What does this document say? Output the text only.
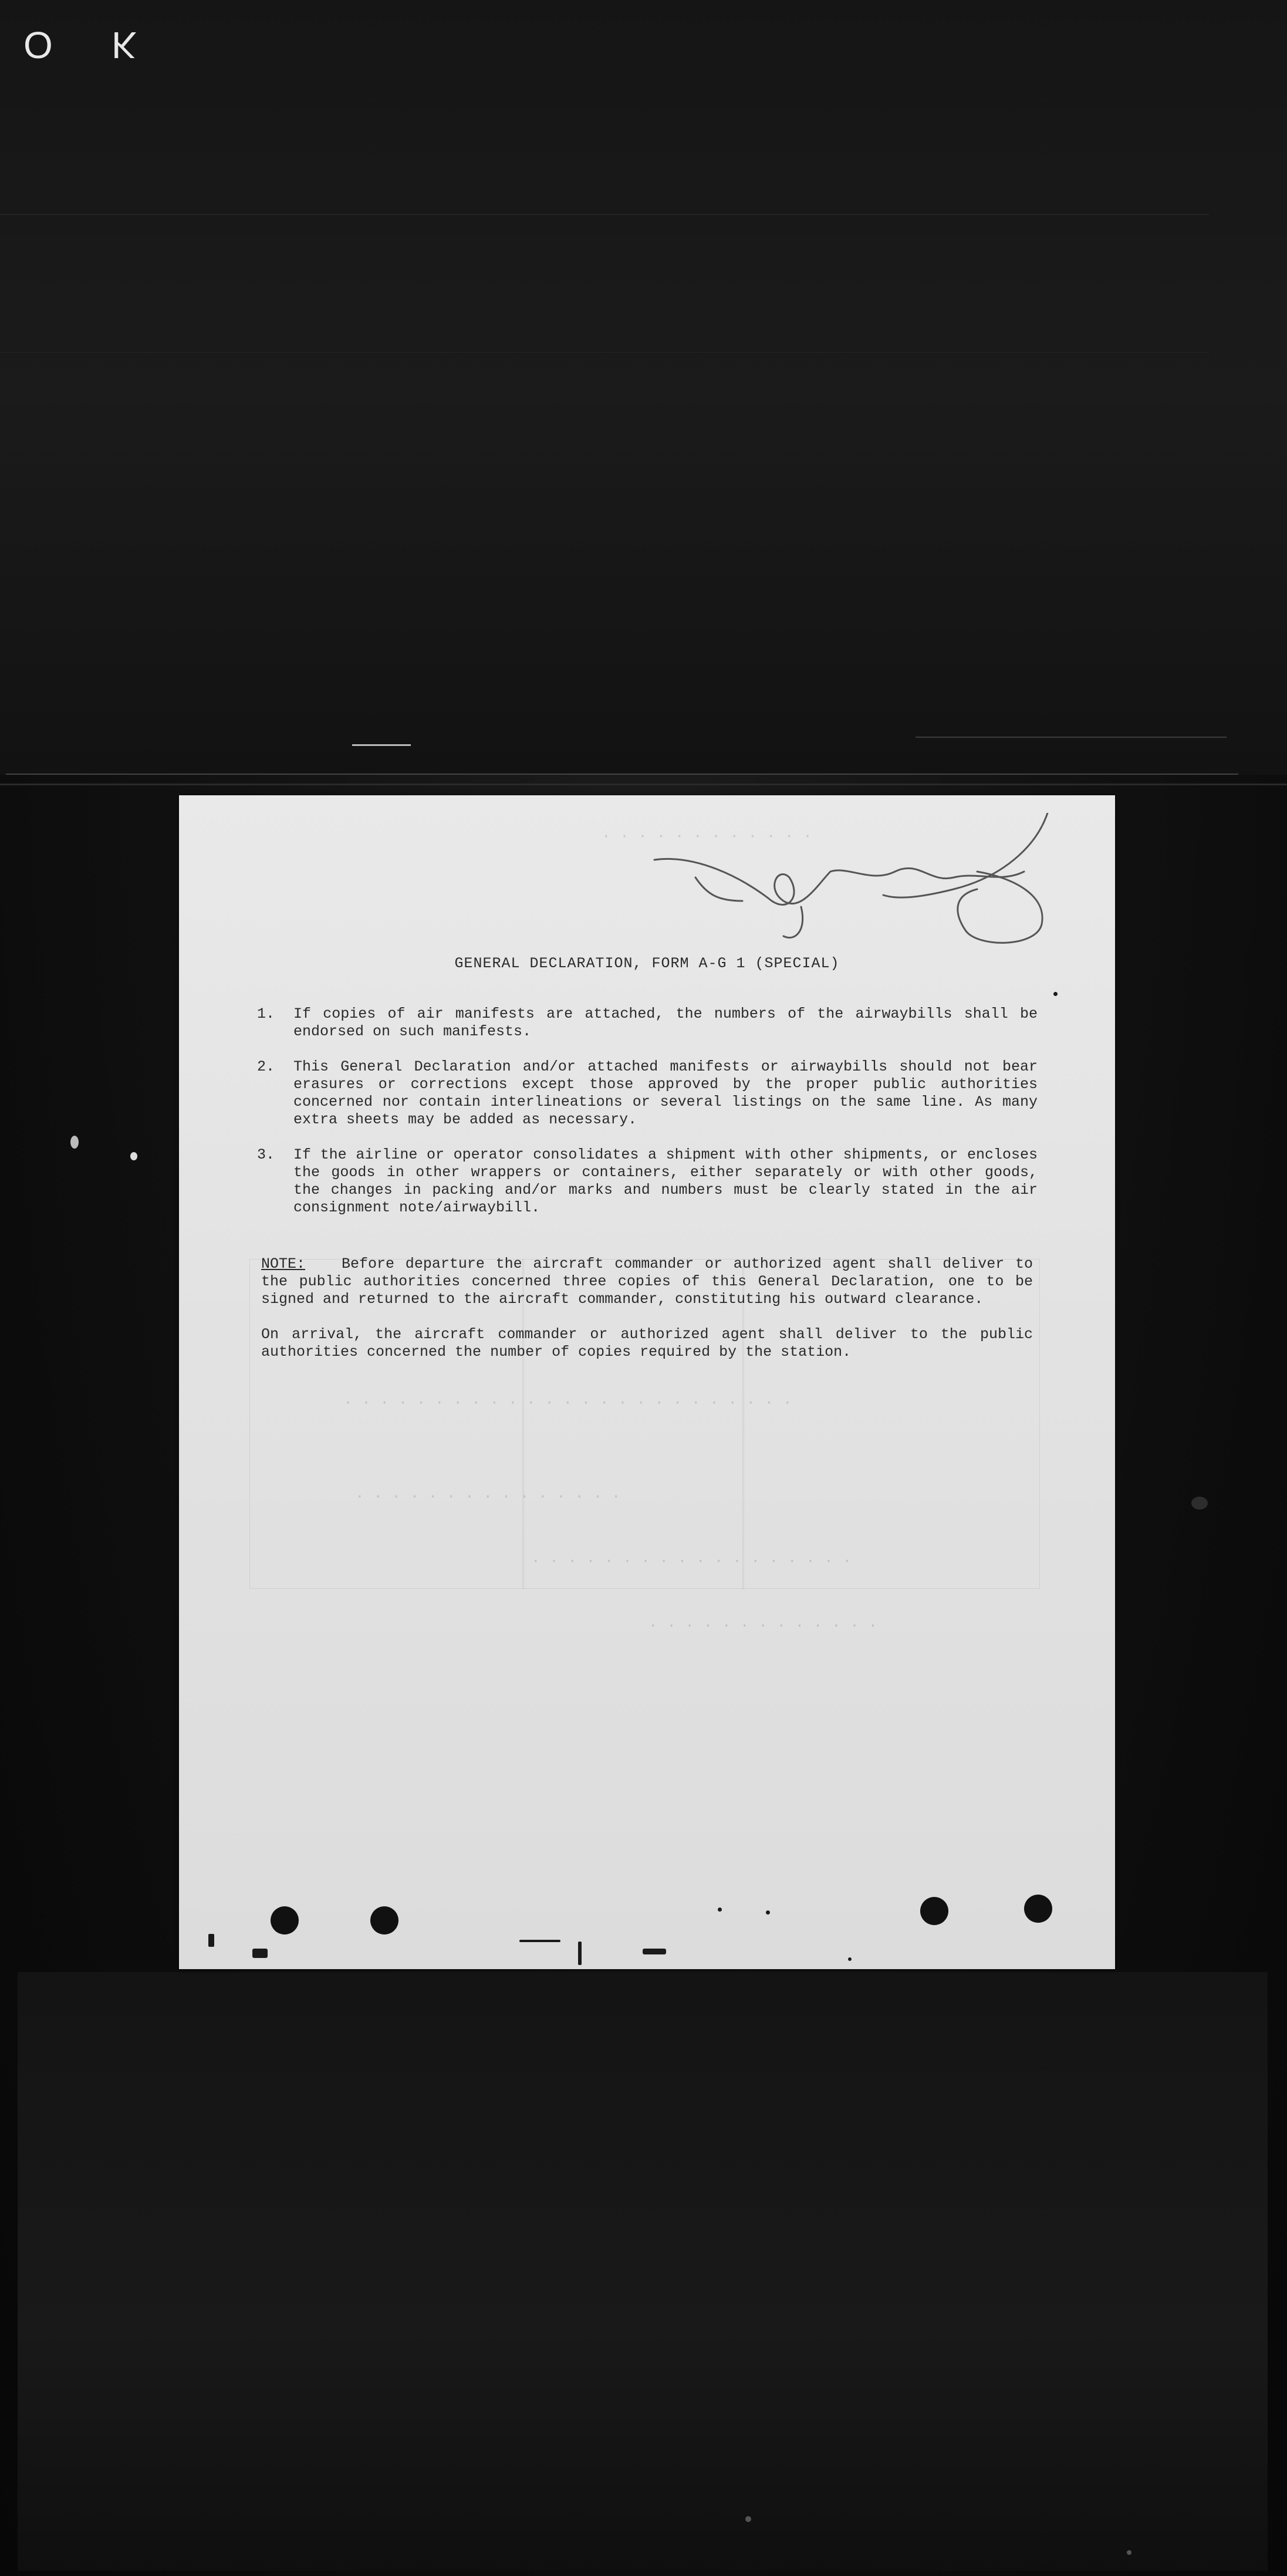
O K
· · · · · · · · · · · ·
· · · · · · · · · · · · · · · · · · · · · · · · ·
· · · · · · · · · · · · · · ·
· · · · · · · · · · · · · · · · · ·
· · · · · · · · · · · · ·
GENERAL DECLARATION, FORM A-G 1 (SPECIAL)
1.	If copies of air manifests are attached, the numbers of the airwaybills shall be endorsed on such manifests.
2.	This General Declaration and/or attached manifests or airwaybills should not bear erasures or corrections except those approved by the proper public authorities concerned nor contain interlineations or several listings on the same line. As many extra sheets may be added as necessary.
3.	If the airline or operator consolidates a shipment with other shipments, or encloses the goods in other wrappers or containers, either separately or with other goods, the changes in packing and/or marks and numbers must be clearly stated in the air consignment note/airwaybill.
NOTE: Before departure the aircraft commander or authorized agent shall deliver to the public authorities concerned three copies of this General Declaration, one to be signed and returned to the aircraft commander, constituting his outward clearance.
On arrival, the aircraft commander or authorized agent shall deliver to the public authorities concerned the number of copies required by the station.
